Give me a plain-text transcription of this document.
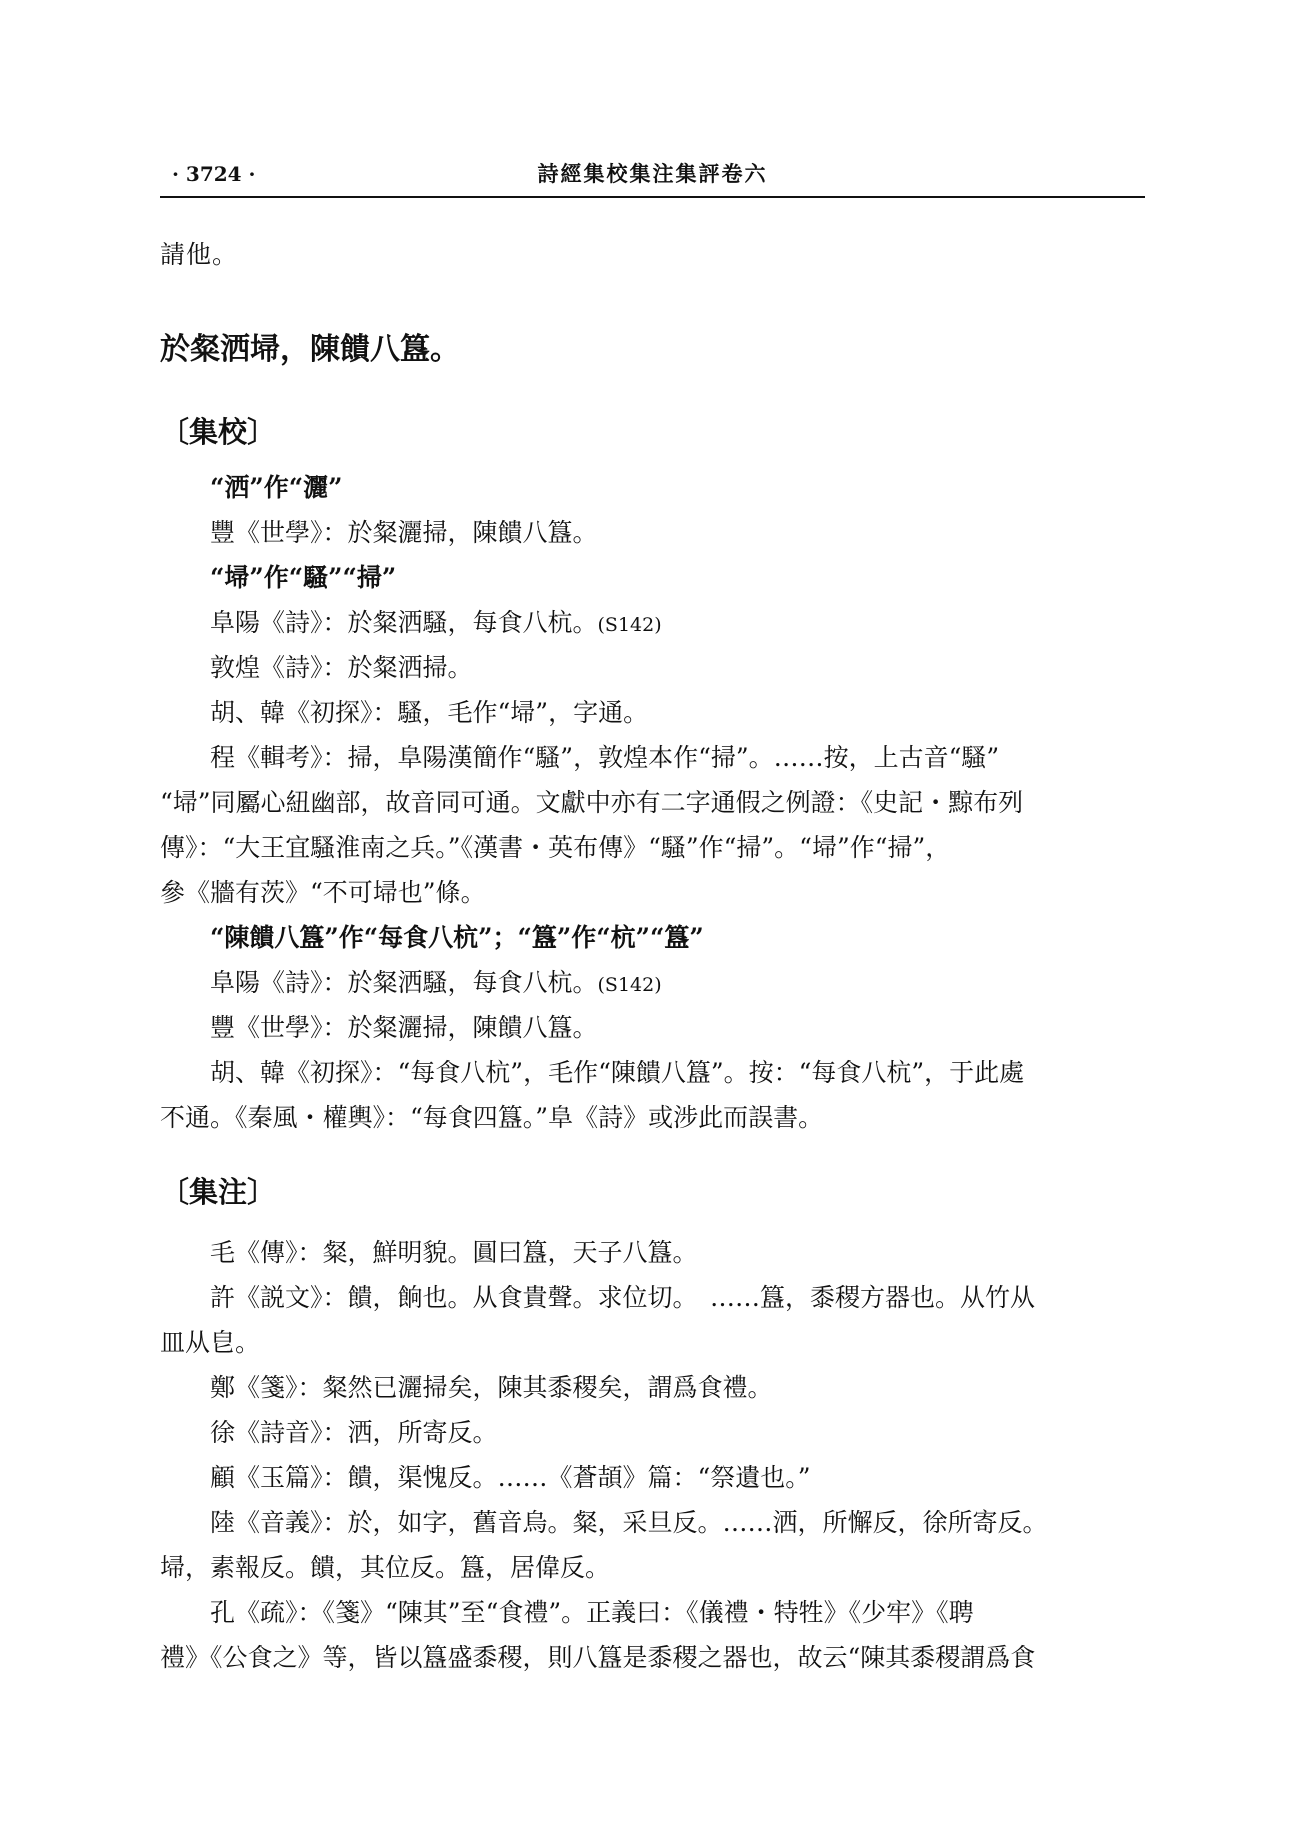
· 3724 ·	詩經集校集注集評卷六
請他。
於粲洒埽，陳饋八簋。
〔集校〕
“洒”作“灑”
豐《世學》：於粲灑掃，陳饋八簋。
“埽”作“騷”“掃”
阜陽《詩》：於粲洒騷，每食八杭。(S142)
敦煌《詩》：於粲洒掃。
胡、韓《初探》：騷，毛作“埽”，字通。
程《輯考》：掃，阜陽漢簡作“騷”，敦煌本作“掃”。……按，上古音“騷”
“埽”同屬心紐幽部，故音同可通。文獻中亦有二字通假之例證：《史記・黥布列
傳》：“大王宜騷淮南之兵。”《漢書・英布傳》“騷”作“掃”。“埽”作“掃”，
參《牆有茨》“不可埽也”條。
“陳饋八簋”作“每食八杭”；“簋”作“杭”“簋”
阜陽《詩》：於粲洒騷，每食八杭。(S142)
豐《世學》：於粲灑掃，陳饋八簋。
胡、韓《初探》：“每食八杭”，毛作“陳饋八簋”。按：“每食八杭”，于此處
不通。《秦風・權輿》：“每食四簋。”阜《詩》或涉此而誤書。
〔集注〕
毛《傳》：粲，鮮明貌。圓曰簋，天子八簋。
許《説文》：饋，餉也。从食貴聲。求位切。　……簋，黍稷方器也。从竹从
皿从皀。
鄭《箋》：粲然已灑掃矣，陳其黍稷矣，謂爲食禮。
徐《詩音》：洒，所寄反。
顧《玉篇》：饋，渠愧反。……《蒼頡》篇：“祭遺也。”
陸《音義》：於，如字，舊音烏。粲，采旦反。……洒，所懈反，徐所寄反。
埽，素報反。饋，其位反。簋，居偉反。
孔《疏》：《箋》“陳其”至“食禮”。正義曰：《儀禮・特牲》《少牢》《聘
禮》《公食之》等，皆以簋盛黍稷，則八簋是黍稷之器也，故云“陳其黍稷謂爲食
